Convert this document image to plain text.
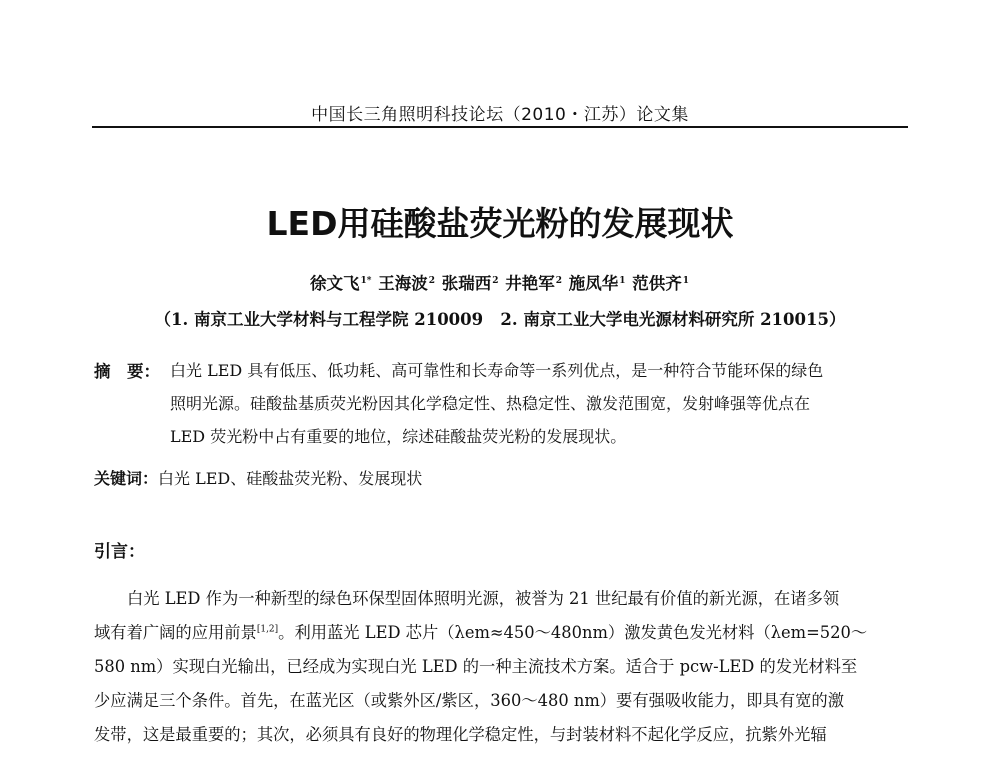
中国长三角照明科技论坛（2010・江苏）论文集
LED用硅酸盐荧光粉的发展现状
徐文飞$^{1*}$ 王海波$^2$ 张瑞西$^2$ 井艳军$^2$ 施凤华$^1$ 范供齐$^1$
（1. 南京工业大学材料与工程学院 210009   2. 南京工业大学电光源材料研究所 210015）
摘　要： 白光 LED 具有低压、低功耗、高可靠性和长寿命等一系列优点，是一种符合节能环保的绿色
照明光源。硅酸盐基质荧光粉因其化学稳定性、热稳定性、激发范围宽，发射峰强等优点在
LED 荧光粉中占有重要的地位，综述硅酸盐荧光粉的发展现状。
关键词：白光 LED、硅酸盐荧光粉、发展现状
引言：
白光 LED 作为一种新型的绿色环保型固体照明光源，被誉为 21 世纪最有价值的新光源，在诸多领
域有着广阔的应用前景[1,2]。利用蓝光 LED 芯片（λem≈450～480nm）激发黄色发光材料（λem=520～
580 nm）实现白光输出，已经成为实现白光 LED 的一种主流技术方案。适合于 pcw-LED 的发光材料至
少应满足三个条件。首先，在蓝光区（或紫外区/紫区，360～480 nm）要有强吸收能力，即具有宽的激
发带，这是最重要的；其次，必须具有良好的物理化学稳定性，与封装材料不起化学反应，抗紫外光辐
